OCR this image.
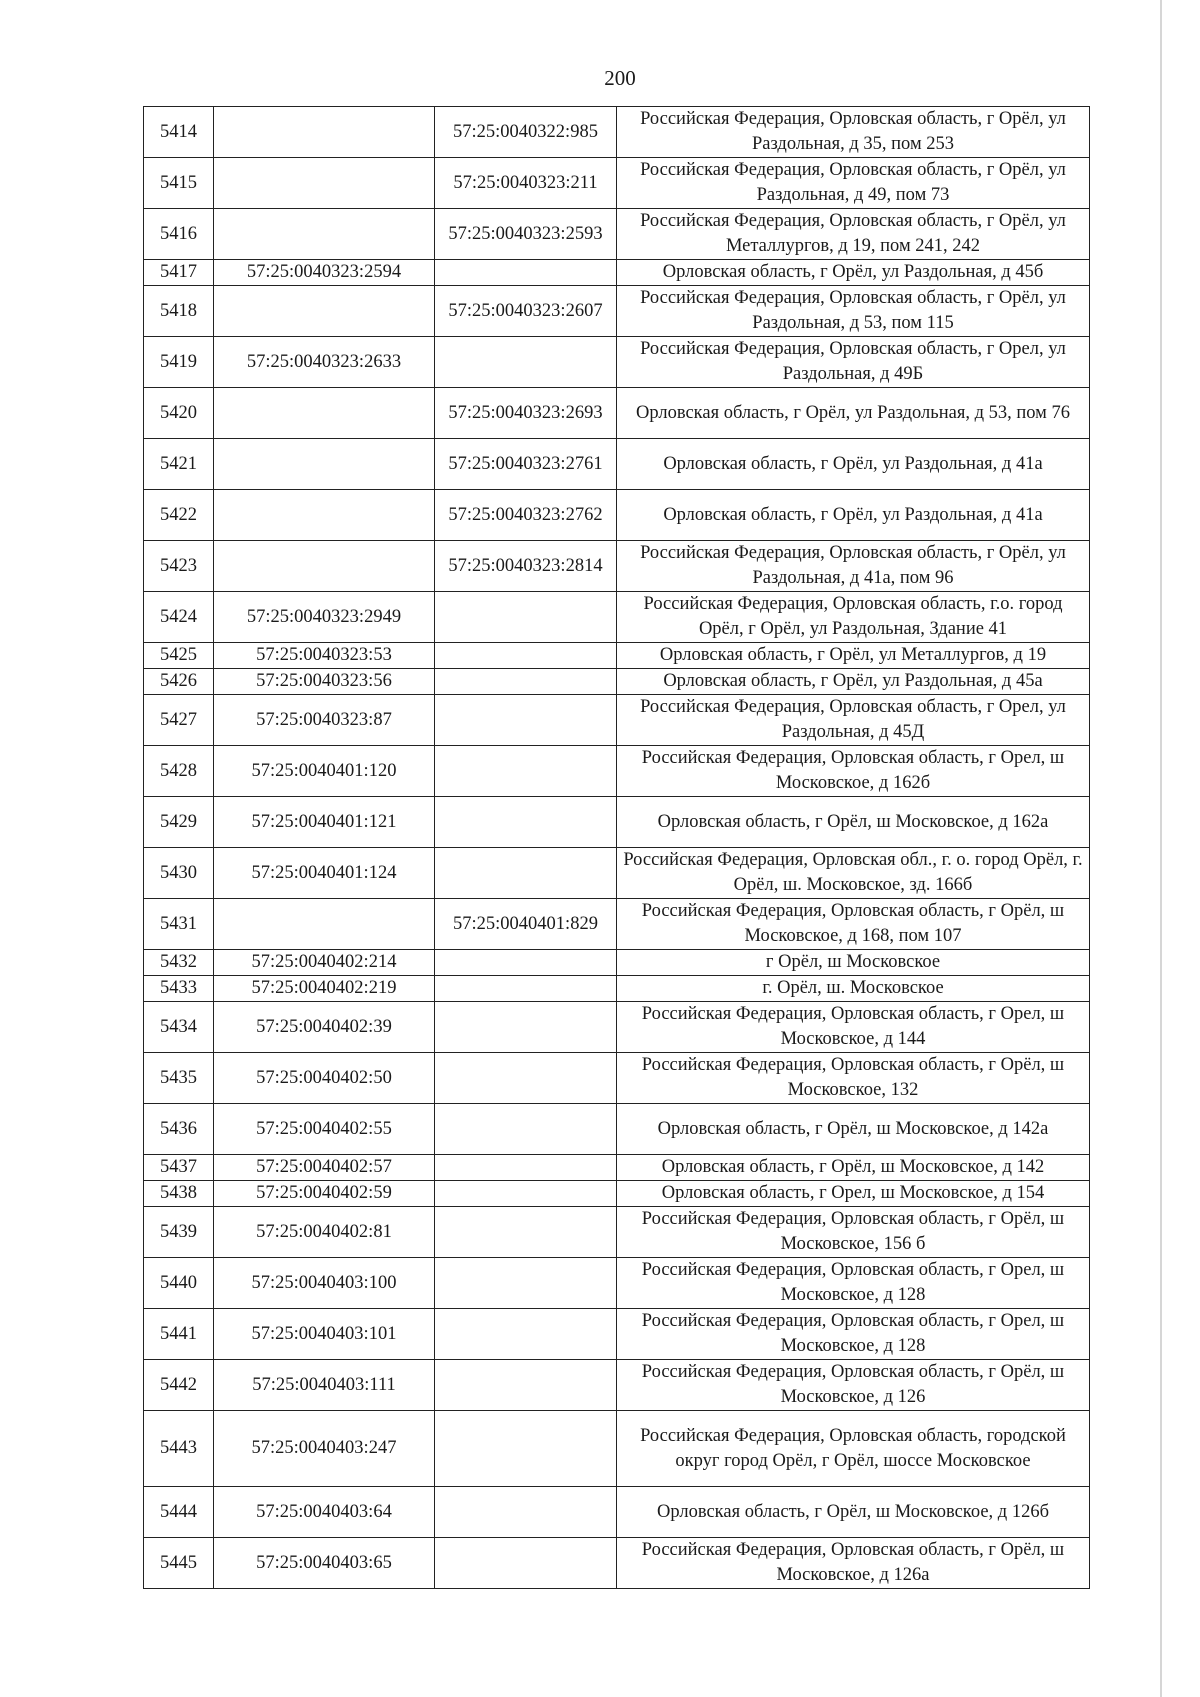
200
5414		57:25:0040322:985	Российская Федерация, Орловская область, г Орёл, ул Раздольная, д 35, пом 253
5415		57:25:0040323:211	Российская Федерация, Орловская область, г Орёл, ул Раздольная, д 49, пом 73
5416		57:25:0040323:2593	Российская Федерация, Орловская область, г Орёл, ул Металлургов, д 19, пом 241, 242
5417	57:25:0040323:2594		Орловская область, г Орёл, ул Раздольная, д 45б
5418		57:25:0040323:2607	Российская Федерация, Орловская область, г Орёл, ул Раздольная, д 53, пом 115
5419	57:25:0040323:2633		Российская Федерация, Орловская область, г Орел, ул Раздольная, д 49Б
5420		57:25:0040323:2693	Орловская область, г Орёл, ул Раздольная, д 53, пом 76
5421		57:25:0040323:2761	Орловская область, г Орёл, ул Раздольная, д 41а
5422		57:25:0040323:2762	Орловская область, г Орёл, ул Раздольная, д 41а
5423		57:25:0040323:2814	Российская Федерация, Орловская область, г Орёл, ул Раздольная, д 41а, пом 96
5424	57:25:0040323:2949		Российская Федерация, Орловская область, г.о. город Орёл, г Орёл, ул Раздольная, Здание 41
5425	57:25:0040323:53		Орловская область, г Орёл, ул Металлургов, д 19
5426	57:25:0040323:56		Орловская область, г Орёл, ул Раздольная, д 45а
5427	57:25:0040323:87		Российская Федерация, Орловская область, г Орел, ул Раздольная, д 45Д
5428	57:25:0040401:120		Российская Федерация, Орловская область, г Орел, ш Московское, д 162б
5429	57:25:0040401:121		Орловская область, г Орёл, ш Московское, д 162а
5430	57:25:0040401:124		Российская Федерация, Орловская обл., г. о. город Орёл, г. Орёл, ш. Московское, зд. 166б
5431		57:25:0040401:829	Российская Федерация, Орловская область, г Орёл, ш Московское, д 168, пом 107
5432	57:25:0040402:214		г Орёл, ш Московское
5433	57:25:0040402:219		г. Орёл, ш. Московское
5434	57:25:0040402:39		Российская Федерация, Орловская область, г Орел, ш Московское, д 144
5435	57:25:0040402:50		Российская Федерация, Орловская область, г Орёл, ш Московское, 132
5436	57:25:0040402:55		Орловская область, г Орёл, ш Московское, д 142а
5437	57:25:0040402:57		Орловская область, г Орёл, ш Московское, д 142
5438	57:25:0040402:59		Орловская область, г Орел, ш Московское, д 154
5439	57:25:0040402:81		Российская Федерация, Орловская область, г Орёл, ш Московское, 156 б
5440	57:25:0040403:100		Российская Федерация, Орловская область, г Орел, ш Московское, д 128
5441	57:25:0040403:101		Российская Федерация, Орловская область, г Орел, ш Московское, д 128
5442	57:25:0040403:111		Российская Федерация, Орловская область, г Орёл, ш Московское, д 126
5443	57:25:0040403:247		Российская Федерация, Орловская область, городской округ город Орёл, г Орёл, шоссе Московское
5444	57:25:0040403:64		Орловская область, г Орёл, ш Московское, д 126б
5445	57:25:0040403:65		Российская Федерация, Орловская область, г Орёл, ш Московское, д 126а
